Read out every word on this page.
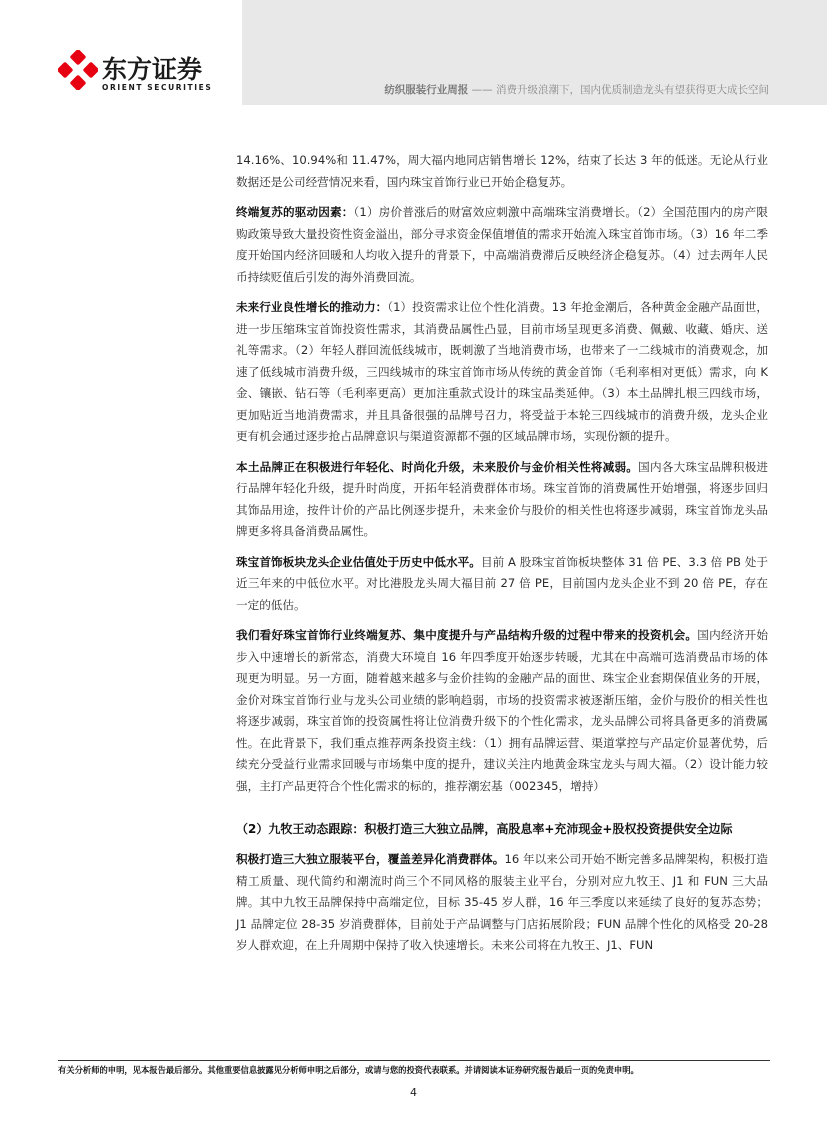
东方证券
ORIENT SECURITIES	纺织服装行业周报 —— 消费升级浪潮下，国内优质制造龙头有望获得更大成长空间

14.16%、10.94%和 11.47%，周大福内地同店销售增长 12%，结束了长达 3 年的低迷。无论从行业数据还是公司经营情况来看，国内珠宝首饰行业已开始企稳复苏。

终端复苏的驱动因素：（1）房价普涨后的财富效应刺激中高端珠宝消费增长。（2）全国范围内的房产限购政策导致大量投资性资金溢出，部分寻求资金保值增值的需求开始流入珠宝首饰市场。（3）16 年二季度开始国内经济回暖和人均收入提升的背景下，中高端消费滞后反映经济企稳复苏。（4）过去两年人民币持续贬值后引发的海外消费回流。

未来行业良性增长的推动力：（1）投资需求让位个性化消费。13 年抢金潮后，各种黄金金融产品面世，进一步压缩珠宝首饰投资性需求，其消费品属性凸显，目前市场呈现更多消费、佩戴、收藏、婚庆、送礼等需求。（2）年轻人群回流低线城市，既刺激了当地消费市场，也带来了一二线城市的消费观念，加速了低线城市消费升级，三四线城市的珠宝首饰市场从传统的黄金首饰（毛利率相对更低）需求，向 K 金、镶嵌、钻石等（毛利率更高）更加注重款式设计的珠宝品类延伸。（3）本土品牌扎根三四线市场，更加贴近当地消费需求，并且具备很强的品牌号召力，将受益于本轮三四线城市的消费升级，龙头企业更有机会通过逐步抢占品牌意识与渠道资源都不强的区域品牌市场，实现份额的提升。

本土品牌正在积极进行年轻化、时尚化升级，未来股价与金价相关性将减弱。国内各大珠宝品牌积极进行品牌年轻化升级，提升时尚度，开拓年轻消费群体市场。珠宝首饰的消费属性开始增强，将逐步回归其饰品用途，按件计价的产品比例逐步提升，未来金价与股价的相关性也将逐步减弱，珠宝首饰龙头品牌更多将具备消费品属性。

珠宝首饰板块龙头企业估值处于历史中低水平。目前 A 股珠宝首饰板块整体 31 倍 PE、3.3 倍 PB 处于近三年来的中低位水平。对比港股龙头周大福目前 27 倍 PE，目前国内龙头企业不到 20 倍 PE，存在一定的低估。

我们看好珠宝首饰行业终端复苏、集中度提升与产品结构升级的过程中带来的投资机会。国内经济开始步入中速增长的新常态，消费大环境自 16 年四季度开始逐步转暖，尤其在中高端可选消费品市场的体现更为明显。另一方面，随着越来越多与金价挂钩的金融产品的面世、珠宝企业套期保值业务的开展，金价对珠宝首饰行业与龙头公司业绩的影响趋弱，市场的投资需求被逐渐压缩，金价与股价的相关性也将逐步减弱，珠宝首饰的投资属性将让位消费升级下的个性化需求，龙头品牌公司将具备更多的消费属性。在此背景下，我们重点推荐两条投资主线：（1）拥有品牌运营、渠道掌控与产品定价显著优势，后续充分受益行业需求回暖与市场集中度的提升，建议关注内地黄金珠宝龙头与周大福。（2）设计能力较强，主打产品更符合个性化需求的标的，推荐潮宏基（002345，增持）

（2）九牧王动态跟踪：积极打造三大独立品牌，高股息率+充沛现金+股权投资提供安全边际

积极打造三大独立服装平台，覆盖差异化消费群体。16 年以来公司开始不断完善多品牌架构，积极打造精工质量、现代简约和潮流时尚三个不同风格的服装主业平台，分别对应九牧王、J1 和 FUN 三大品牌。其中九牧王品牌保持中高端定位，目标 35-45 岁人群，16 年三季度以来延续了良好的复苏态势；J1 品牌定位 28-35 岁消费群体，目前处于产品调整与门店拓展阶段；FUN 品牌个性化的风格受 20-28 岁人群欢迎，在上升周期中保持了收入快速增长。未来公司将在九牧王、J1、FUN

有关分析师的申明，见本报告最后部分。其他重要信息披露见分析师申明之后部分，或请与您的投资代表联系。并请阅读本证券研究报告最后一页的免责申明。
4
